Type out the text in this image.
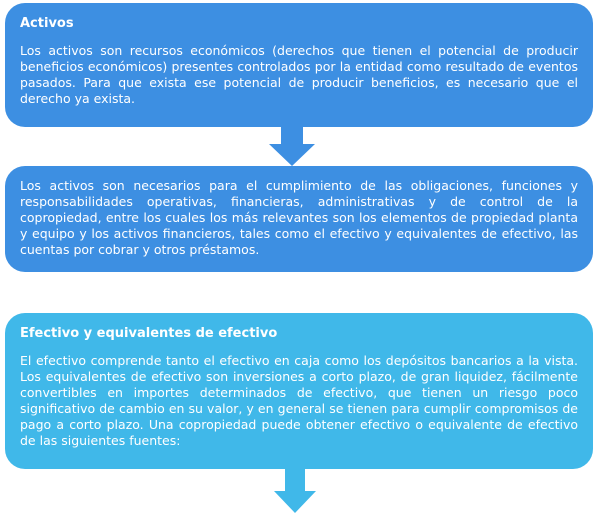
Activos

Los activos son recursos económicos (derechos que tienen el potencial de producir beneficios económicos) presentes controlados por la entidad como resultado de eventos pasados. Para que exista ese potencial de producir beneficios, es necesario que el derecho ya exista.

Los activos son necesarios para el cumplimiento de las obligaciones, funciones y responsabilidades operativas, financieras, administrativas y de control de la copropiedad, entre los cuales los más relevantes son los elementos de propiedad planta y equipo y los activos financieros, tales como el efectivo y equivalentes de efectivo, las cuentas por cobrar y otros préstamos.

Efectivo y equivalentes de efectivo

El efectivo comprende tanto el efectivo en caja como los depósitos bancarios a la vista. Los equivalentes de efectivo son inversiones a corto plazo, de gran liquidez, fácilmente convertibles en importes determinados de efectivo, que tienen un riesgo poco significativo de cambio en su valor, y en general se tienen para cumplir compromisos de pago a corto plazo. Una copropiedad puede obtener efectivo o equivalente de efectivo de las siguientes fuentes:
